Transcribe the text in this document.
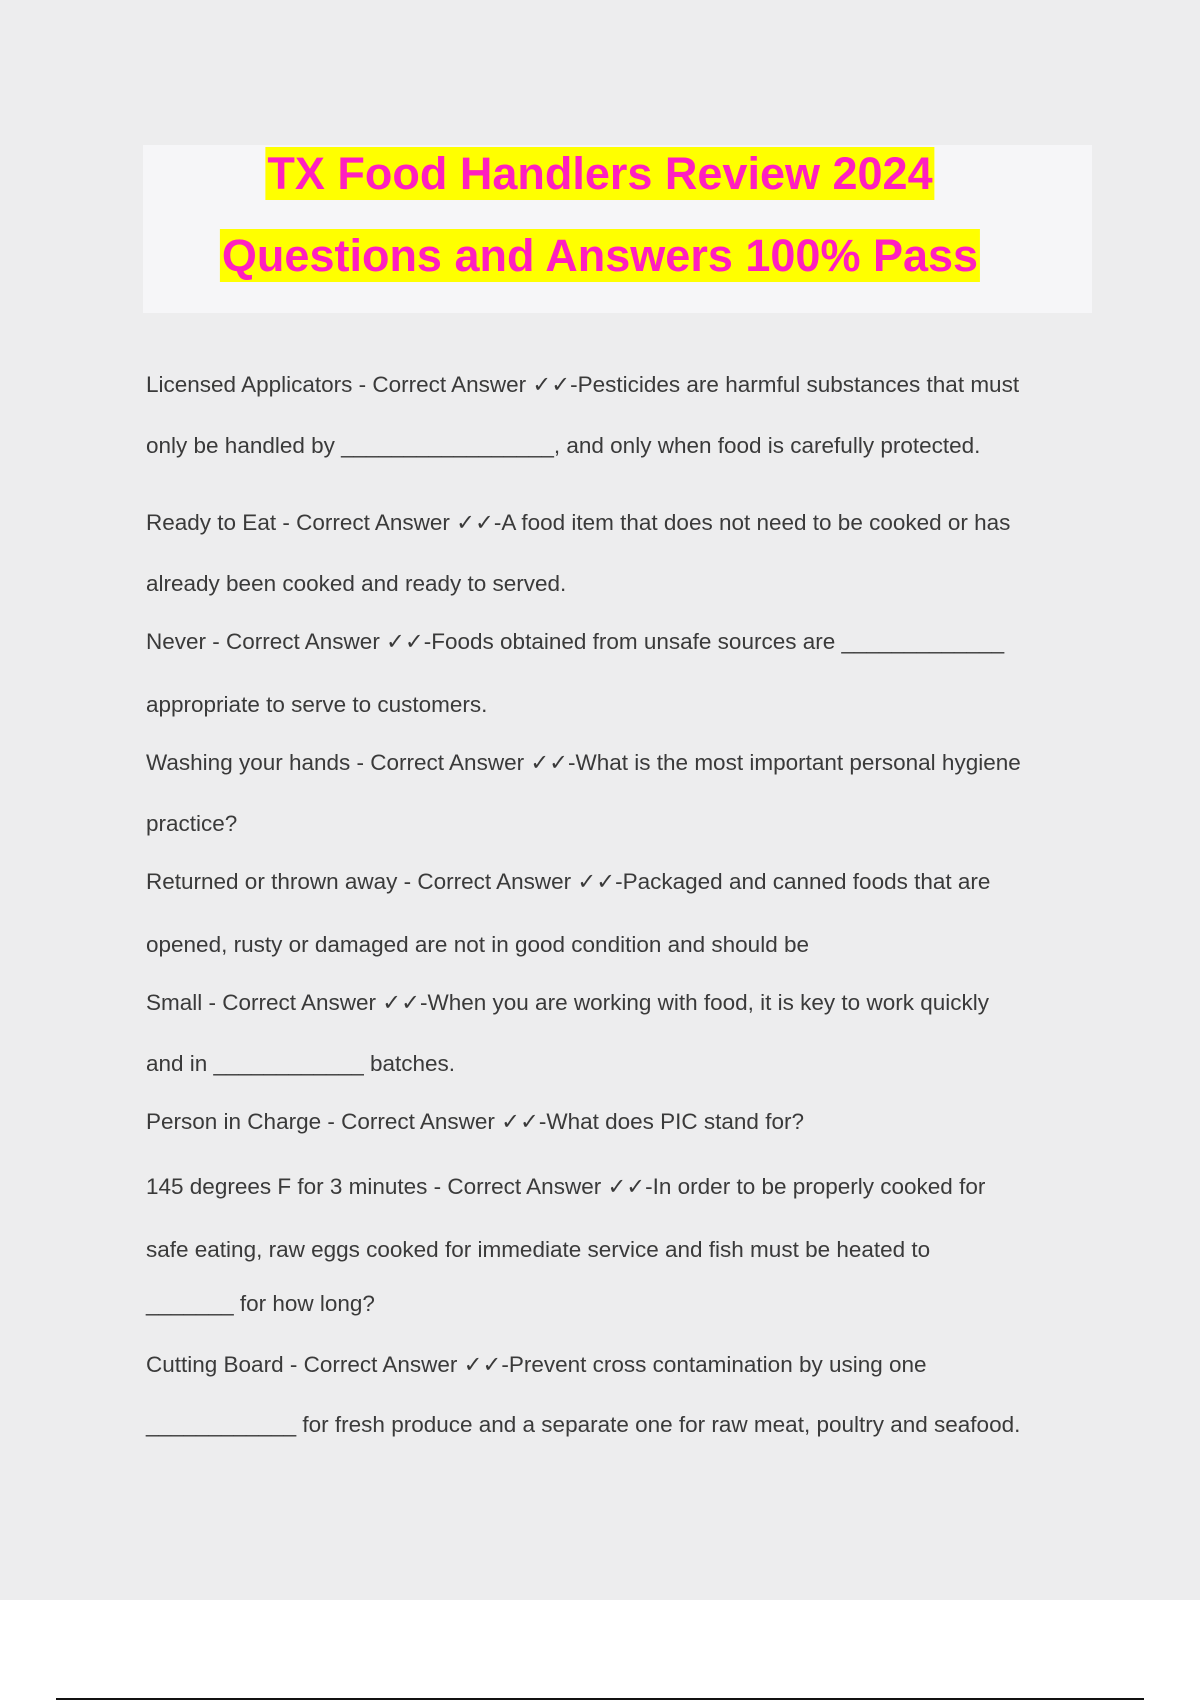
TX Food Handlers Review 2024
Questions and Answers 100% Pass
Licensed Applicators - Correct Answer ✓✓-Pesticides are harmful substances that must
only be handled by _________________, and only when food is carefully protected.
Ready to Eat - Correct Answer ✓✓-A food item that does not need to be cooked or has
already been cooked and ready to served.
Never - Correct Answer ✓✓-Foods obtained from unsafe sources are _____________
appropriate to serve to customers.
Washing your hands - Correct Answer ✓✓-What is the most important personal hygiene
practice?
Returned or thrown away - Correct Answer ✓✓-Packaged and canned foods that are
opened, rusty or damaged are not in good condition and should be
Small - Correct Answer ✓✓-When you are working with food, it is key to work quickly
and in ____________ batches.
Person in Charge - Correct Answer ✓✓-What does PIC stand for?
145 degrees F for 3 minutes - Correct Answer ✓✓-In order to be properly cooked for
safe eating, raw eggs cooked for immediate service and fish must be heated to
_______ for how long?
Cutting Board - Correct Answer ✓✓-Prevent cross contamination by using one
____________ for fresh produce and a separate one for raw meat, poultry and seafood.
